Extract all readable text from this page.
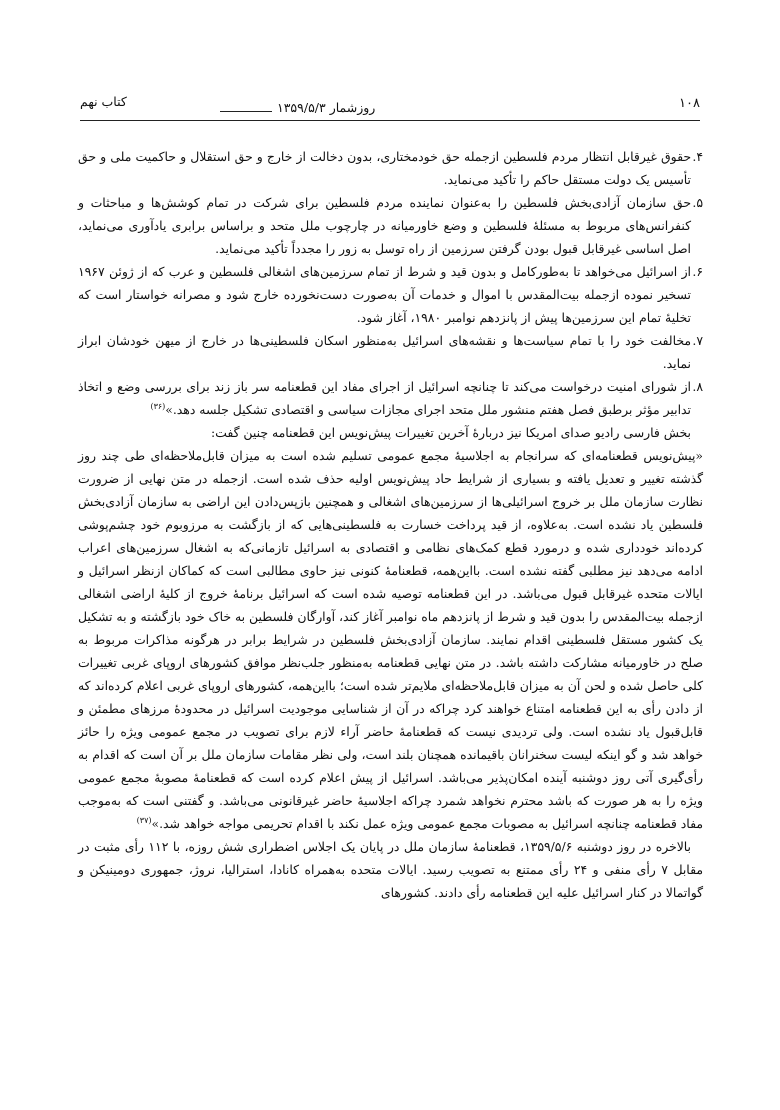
۱۰۸
روزشمار ۱۳۵۹/۵/۳
کتاب نهم
۴.
حقوق غیرقابل انتظار مردم فلسطین ازجمله حق خودمختاری، بدون دخالت از خارج و حق استقلال و حاکمیت ملی و حق تأسیس یک دولت مستقل حاکم را تأکید می‌نماید.
۵.
حق سازمان آزادی‌بخش فلسطین را به‌عنوان نماینده مردم فلسطین برای شرکت در تمام کوشش‌ها و مباحثات و کنفرانس‌های مربوط به مسئلهٔ فلسطین و وضع خاورمیانه در چارچوب ملل متحد و براساس برابری یادآوری می‌نماید، اصل اساسی غیرقابل قبول بودن گرفتن سرزمین از راه توسل به زور را مجدداً تأکید می‌نماید.
۶.
از اسرائیل می‌خواهد تا به‌طورکامل و بدون قید و شرط از تمام سرزمین‌های اشغالی فلسطین و عرب که از ژوئن ۱۹۶۷ تسخیر نموده ازجمله بیت‌المقدس با اموال و خدمات آن به‌صورت دست‌نخورده خارج شود و مصرانه خواستار است که تخلیهٔ تمام این سرزمین‌ها پیش از پانزدهم نوامبر ۱۹۸۰، آغاز شود.
۷.
مخالفت خود را با تمام سیاست‌ها و نقشه‌های اسرائیل به‌منظور اسکان فلسطینی‌ها در خارج از میهن خودشان ابراز نماید.
۸.
از شورای امنیت درخواست می‌کند تا چنانچه اسرائیل از اجرای مفاد این قطعنامه سر باز زند برای بررسی وضع و اتخاذ تدابیر مؤثر برطبق فصل هفتم منشور ملل متحد اجرای مجازات سیاسی و اقتصادی تشکیل جلسه دهد.»$^{(۳۶)}$

بخش فارسی رادیو صدای امریکا نیز دربارهٔ آخرین تغییرات پیش‌نویس این قطعنامه چنین گفت:

«پیش‌نویس قطعنامه‌ای که سرانجام به اجلاسیهٔ مجمع عمومی تسلیم شده است به میزان قابل‌ملاحظه‌ای طی چند روز گذشته تغییر و تعدیل یافته و بسیاری از شرایط حاد پیش‌نویس اولیه حذف شده است. ازجمله در متن نهایی از ضرورت نظارت سازمان ملل بر خروج اسرائیلی‌ها از سرزمین‌های اشغالی و همچنین بازپس‌دادن این اراضی به سازمان آزادی‌بخش فلسطین یاد نشده است. به‌علاوه، از قید پرداخت خسارت به فلسطینی‌هایی که از بازگشت به مرزوبوم خود چشم‌پوشی کرده‌اند خودداری شده و درمورد قطع کمک‌های نظامی و اقتصادی به اسرائیل تازمانی‌که به اشغال سرزمین‌های اعراب ادامه می‌دهد نیز مطلبی گفته نشده است. بااین‌همه، قطعنامهٔ کنونی نیز حاوی مطالبی است که کماکان ازنظر اسرائیل و ایالات متحده غیرقابل قبول می‌باشد. در این قطعنامه توصیه شده است که اسرائیل برنامهٔ خروج از کلیهٔ اراضی اشغالی ازجمله بیت‌المقدس را بدون قید و شرط از پانزدهم ماه نوامبر آغاز کند، آوارگان فلسطین به خاک خود بازگشته و به تشکیل یک کشور مستقل فلسطینی اقدام نمایند. سازمان آزادی‌بخش فلسطین در شرایط برابر در هرگونه مذاکرات مربوط به صلح در خاورمیانه مشارکت داشته باشد. در متن نهایی قطعنامه به‌منظور جلب‌نظر موافق کشورهای اروپای غربی تغییرات کلی حاصل شده و لحن آن به میزان قابل‌ملاحظه‌ای ملایم‌تر شده است؛ بااین‌همه، کشورهای اروپای غربی اعلام کرده‌اند که از دادن رأی به این قطعنامه امتناع خواهند کرد چراکه در آن از شناسایی موجودیت اسرائیل در محدودهٔ مرزهای مطمئن و قابل‌قبول یاد نشده است. ولی تردیدی نیست که قطعنامهٔ حاضر آراء لازم برای تصویب در مجمع عمومی ویژه را حائز خواهد شد و گو اینکه لیست سخنرانان باقیمانده همچنان بلند است، ولی نظر مقامات سازمان ملل بر آن است که اقدام به رأی‌گیری آتی روز دوشنبه آینده امکان‌پذیر می‌باشد. اسرائیل از پیش اعلام کرده است که قطعنامهٔ مصوبهٔ مجمع عمومی ویژه را به هر صورت که باشد محترم نخواهد شمرد چراکه اجلاسیهٔ حاضر غیرقانونی می‌باشد. و گفتنی است که به‌موجب مفاد قطعنامه چنانچه اسرائیل به مصوبات مجمع عمومی ویژه عمل نکند با اقدام تحریمی مواجه خواهد شد.»$^{(۳۷)}$

بالاخره در روز دوشنبه ۱۳۵۹/۵/۶، قطعنامهٔ سازمان ملل در پایان یک اجلاس اضطراری شش روزه، با ۱۱۲ رأی مثبت در مقابل ۷ رأی منفی و ۲۴ رأی ممتنع به تصویب رسید. ایالات متحده به‌همراه کانادا، استرالیا، نروژ، جمهوری دومینیکن و گواتمالا در کنار اسرائیل علیه این قطعنامه رأی دادند. کشورهای
